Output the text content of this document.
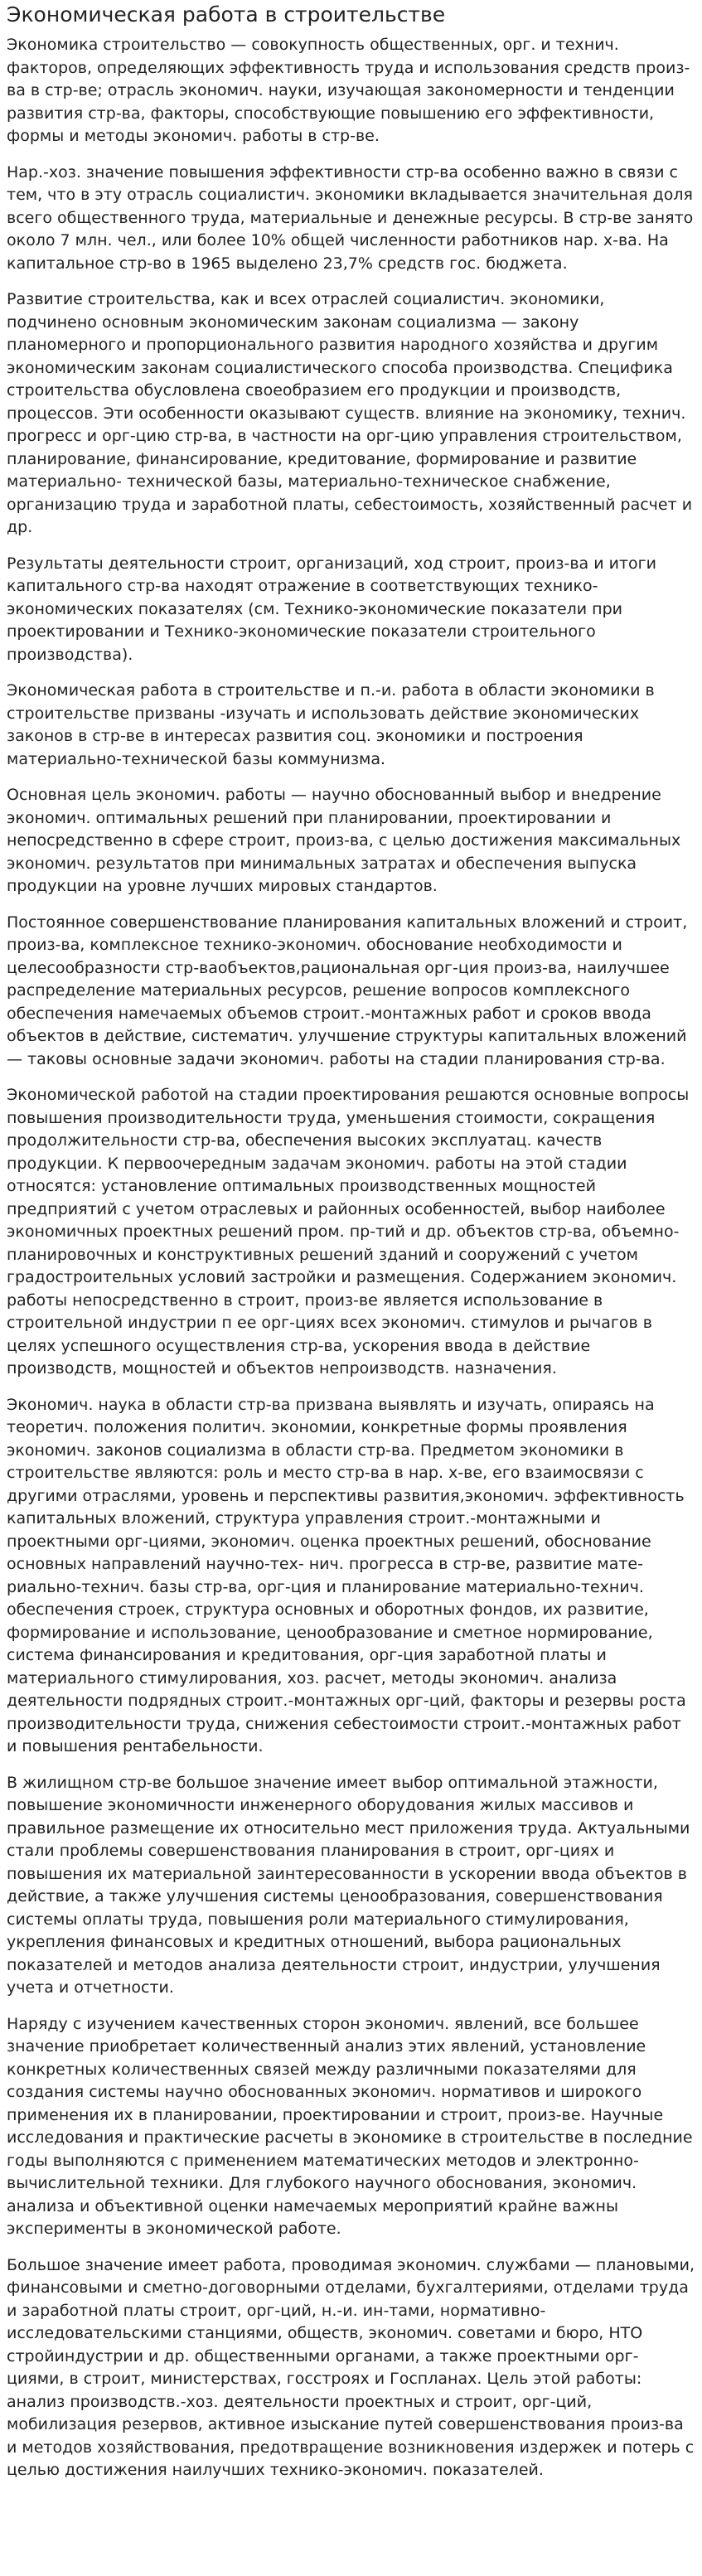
Экономическая работа в строительстве

Экономика строительство — совокупность общественных, орг. и технич. факторов, определяющих эффективность труда и использования средств произ-ва в стр-ве; отрасль экономич. науки, изучающая закономерности и тенденции развития стр-ва, факторы, способствующие повышению его эффективности, формы и методы экономич. работы в стр-ве.

Нар.-хоз. значение повышения эффективности стр-ва особенно важно в связи с тем, что в эту отрасль социалистич. экономики вкладывается значительная доля всего общественного труда, материальные и денежные ресурсы. В стр-ве занято около 7 млн. чел., или более 10% общей численности работников нар. х-ва. На капитальное стр-во в 1965 выделено 23,7% средств гос. бюджета.

Развитие строительства, как и всех отраслей социалистич. экономики, подчинено основным экономическим законам социализма — закону планомерного и пропорционального развития народного хозяйства и другим экономическим законам социалистического способа производства. Специфика строительства обусловлена своеобразием его продукции и производств, процессов. Эти особенности оказывают существ. влияние на экономику, технич. прогресс и орг-цию стр-ва, в частности на орг-цию управления строительством, планирование, финансирование, кредитование, формирование и развитие материально- технической базы, материально-техническое снабжение, организацию труда и заработной платы, себестоимость, хозяйственный расчет и др.

Результаты деятельности строит, организаций, ход строит, произ-ва и итоги капитального стр-ва находят отражение в соответствующих технико-экономических показателях (см. Технико-экономические показатели при проектировании и Технико-экономические показатели строительного производства).

Экономическая работа в строительстве и п.-и. работа в области экономики в строительстве призваны -изучать и использовать действие экономических законов в стр-ве в интересах развития соц. экономики и построения материально-технической базы коммунизма.

Основная цель экономич. работы — научно обоснованный выбор и внедрение экономич. оптимальных решений при планировании, проектировании и непосредственно в сфере строит, произ-ва, с целью достижения максимальных экономич. результатов при минимальных затратах и обеспечения выпуска продукции на уровне лучших мировых стандартов.

Постоянное совершенствование планирования капитальных вложений и строит, произ-ва, комплексное технико-экономич. обоснование необходимости и целесообразности стр-вaобъектов,рациональная орг-ция произ-ва, наилучшее распределение материальных ресурсов, решение вопросов комплексного обеспечения намечаемых объемов строит.-монтажных работ и сроков ввода объектов в действие, систематич. улучшение структуры капитальных вложений— таковы основные задачи экономич. работы на стадии планирования стр-ва.

Экономической работой на стадии проектирования решаются основные вопросы повышения производительности труда, уменьшения стоимости, сокращения продолжительности стр-ва, обеспечения высоких эксплуатац. качеств продукции. К первоочередным задачам экономич. работы на этой стадии относятся: установление оптимальных производственных мощностей предприятий с учетом отраслевых и районных особенностей, выбор наиболее экономичных проектных решений пром. пр-тий и др. объектов стр-ва, объемно-планировочных и конструктивных решений зданий и сооружений с учетом градостроительных условий застройки и размещения. Содержанием экономич. работы непосредственно в строит, произ-ве является использование в строительной индустрии п ее орг-циях всех экономич. стимулов и рычагов в целях успешного осуществления стр-ва, ускорения ввода в действие производств, мощностей и объектов непроизводств. назначения.

Экономич. наука в области стр-ва призвана выявлять и изучать, опираясь на теоретич. положения политич. экономии, конкретные формы проявления экономич. законов социализма в области стр-ва. Предметом экономики в строительстве являются: роль и место стр-ва в нар. х-ве, его взаимосвязи с другими отраслями, уровень и перспективы развития,экономич. эффективность капитальных вложений, структура управления строит.-монтажными и проектными орг-циями, экономич. оценка проектных решений, обоснование основных направлений научно-тех- нич. прогресса в стр-ве, развитие мате-риально-технич. базы стр-ва, орг-ция и планирование материально-технич. обеспечения строек, структура основных и оборотных фондов, их развитие, формирование и использование, ценообразование и сметное нормирование, система финансирования и кредитования, орг-ция заработной платы и материального стимулирования, хоз. расчет, методы экономич. анализа деятельности подрядных строит.-монтажных орг-ций, факторы и резервы роста производительности труда, снижения себестоимости строит.-монтажных работ и повышения рентабельности.

В жилищном стр-ве большое значение имеет выбор оптимальной этажности, повышение экономичности инженерного оборудования жилых массивов и правильное размещение их относительно мест приложения труда. Актуальными стали проблемы совершенствования планирования в строит, орг-циях и повышения их материальной заинтересованности в ускорении ввода объектов в действие, а также улучшения системы ценообразования, совершенствования системы оплаты труда, повышения роли материального стимулирования, укрепления финансовых и кредитных отношений, выбора рациональных показателей и методов анализа деятельности строит, индустрии, улучшения учета и отчетности.

Наряду с изучением качественных сторон экономич. явлений, все большее значение приобретает количественный анализ этих явлений, установление конкретных количественных связей между различными показателями для создания системы научно обоснованных экономич. нормативов и широкого применения их в планировании, проектировании и строит, произ-ве. Научные исследования и практические расчеты в экономике в строительстве в последние годы выполняются с применением математических методов и электронно-вычислительной техники. Для глубокого научного обоснования, экономич. анализа и объективной оценки намечаемых мероприятий крайне важны эксперименты в экономической работе.

Большое значение имеет работа, проводимая экономич. службами — плановыми, финансовыми и сметно-договорными отделами, бухгалтериями, отделами труда и заработной платы строит, орг-ций, н.-и. ин-тами, нормативно-исследовательскими станциями, обществ, экономич. советами и бюро, НТО стройиндустрии и др. общественными органами, а также проектными орг-циями, в строит, министерствах, госстроях и Госпланах. Цель этой работы: анализ производств.-хоз. деятельности проектных и строит, орг-ций, мобилизация резервов, активное изыскание путей совершенствования произ-ва и методов хозяйствования, предотвращение возникновения издержек и потерь с целью достижения наилучших технико-экономич. показателей.
